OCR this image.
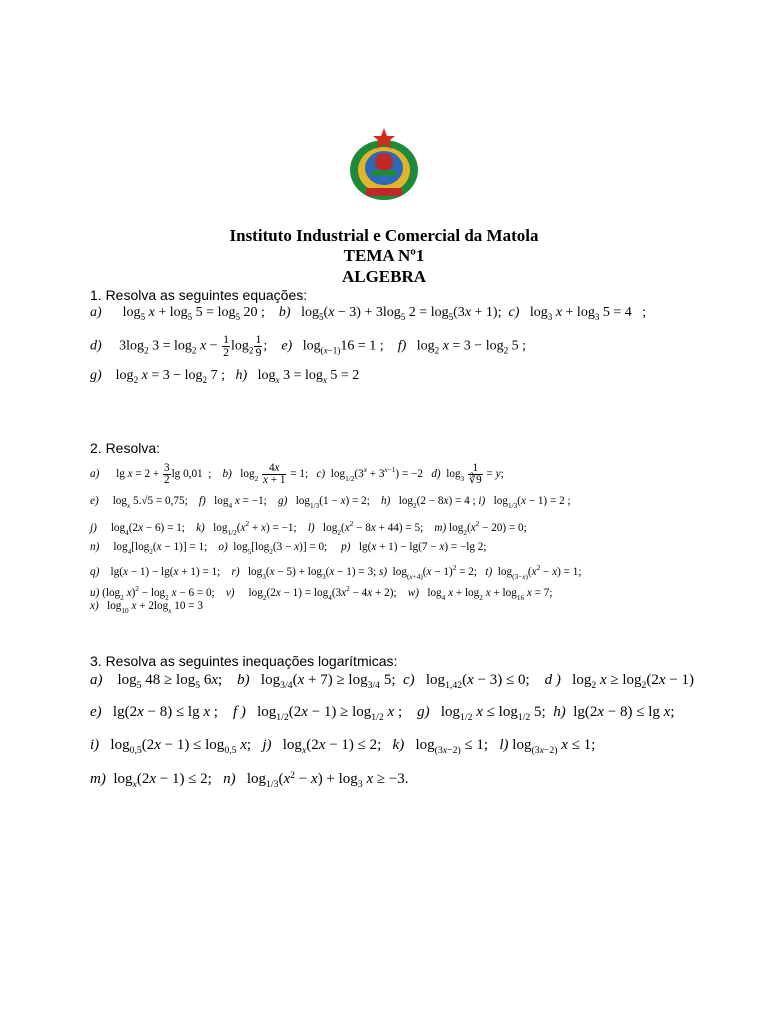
Instituto Industrial e Comercial da Matola
TEMA Nº1
ALGEBRA
1. Resolva as seguintes equações:
a)      $\log_5 x + \log_5 5 = \log_5 20$ ;    b)   $\log_5(x - 3) + 3\log_5$ $2 = \log_5(3x + 1)$;  c)   $\log_3 x + \log_3 5 = 4$   ;
d)     $3\log_2$ $3 = \log_2 x - \frac{1}{2} \log_2 \frac{1}{9}$ ;    e)   $\log_{(x-1)}16 = 1$ ;    f)   $\log_2 x = 3 - \log_2 5$ ;
g)    $\log_2 x = 3 - \log_2 7$ ;   h)   $\log_x 3 = \log_x 5 = 2$
2. Resolva:
a)      $\lg x = 2 + \frac{3}{2}$ lg 0,01  ;    b)   $\log_2 \frac{4x}{x + 1} = 1$;   c)  $\log_{1/2}(3^x + 3^{x-1}) = -2$   d)  $\log_3 \frac{1}{∛9} = y$;
e)     $\log_x 5.√5 = 0,75$;    f)   $\log_4 x = -1$;    g)   $\log_{1/3}(1 - x) = 2$;    h)   $\log_2(2 - 8x) = 4$ ; i)   $\log_{1/3}(x - 1) = 2$ ;
j)     $\log_4(2x - 6) = 1$;    k)   $\log_{1/2}(x^2 + x) = -1$;    l)   $\log_2(x^2 - 8x + 44) = 5$;    m) $\log_2(x^2 - 20) = 0$;
n)     $\log_4[\log_2(x - 1)] = 1$;    o)  $\log_5[\log_2(3 - x)] = 0$;     p)   lg(x + 1) − lg(7 − x) = −lg 2;
q)    lg(x − 1) − lg(x + 1) = 1;    r)   $\log_3(x - 5) + \log_3(x - 1) = 3$; s)  $\log_{(x+4)}(x - 1)^2 = 2$;   t)  $\log_{(3-x)}(x^2 - x) = 1$;
u) ($\log_2$ $x)^2 - \log_2 x - 6 = 0$;    v)     $\log_2(2x - 1) = \log_4(3x^2 - 4x + 2)$;    w)   $\log_4 x + \log_2 x + \log_{16} x = 7$;
x)   $\log_{10} x + 2\log_x$ 10 = 3
3. Resolva as seguintes inequações logarítmicas:
a)    $\log_5 48 \ge \log_5 6x$;    b)   $\log_{3/4}(x + 7) \ge \log_{3/4} 5$;  c)   $\log_{1,42}(x - 3) \le 0$;    d )   $\log_2 x \ge \log_2(2x - 1)$
e)   lg(2x − 8) ≤ lg x ;    f )   $\log_{1/2}(2x - 1) \ge \log_{1/2} x$ ;    g)   $\log_{1/2} x \le \log_{1/2} 5$;  h)  lg(2x − 8) ≤ lg x;
i)   $\log_{0,5}(2x - 1) \le \log_{0,5} x$;   j)   $\log_x(2x - 1) \le 2$;   k)   $\log_{(3x-2)} \le 1$;   l) $\log_{(3x-2)} x \le 1$;
m)  $\log_x(2x - 1) \le 2$;   n)   $\log_{1/3}(x^2 - x) + \log_3 x \ge -3$.
